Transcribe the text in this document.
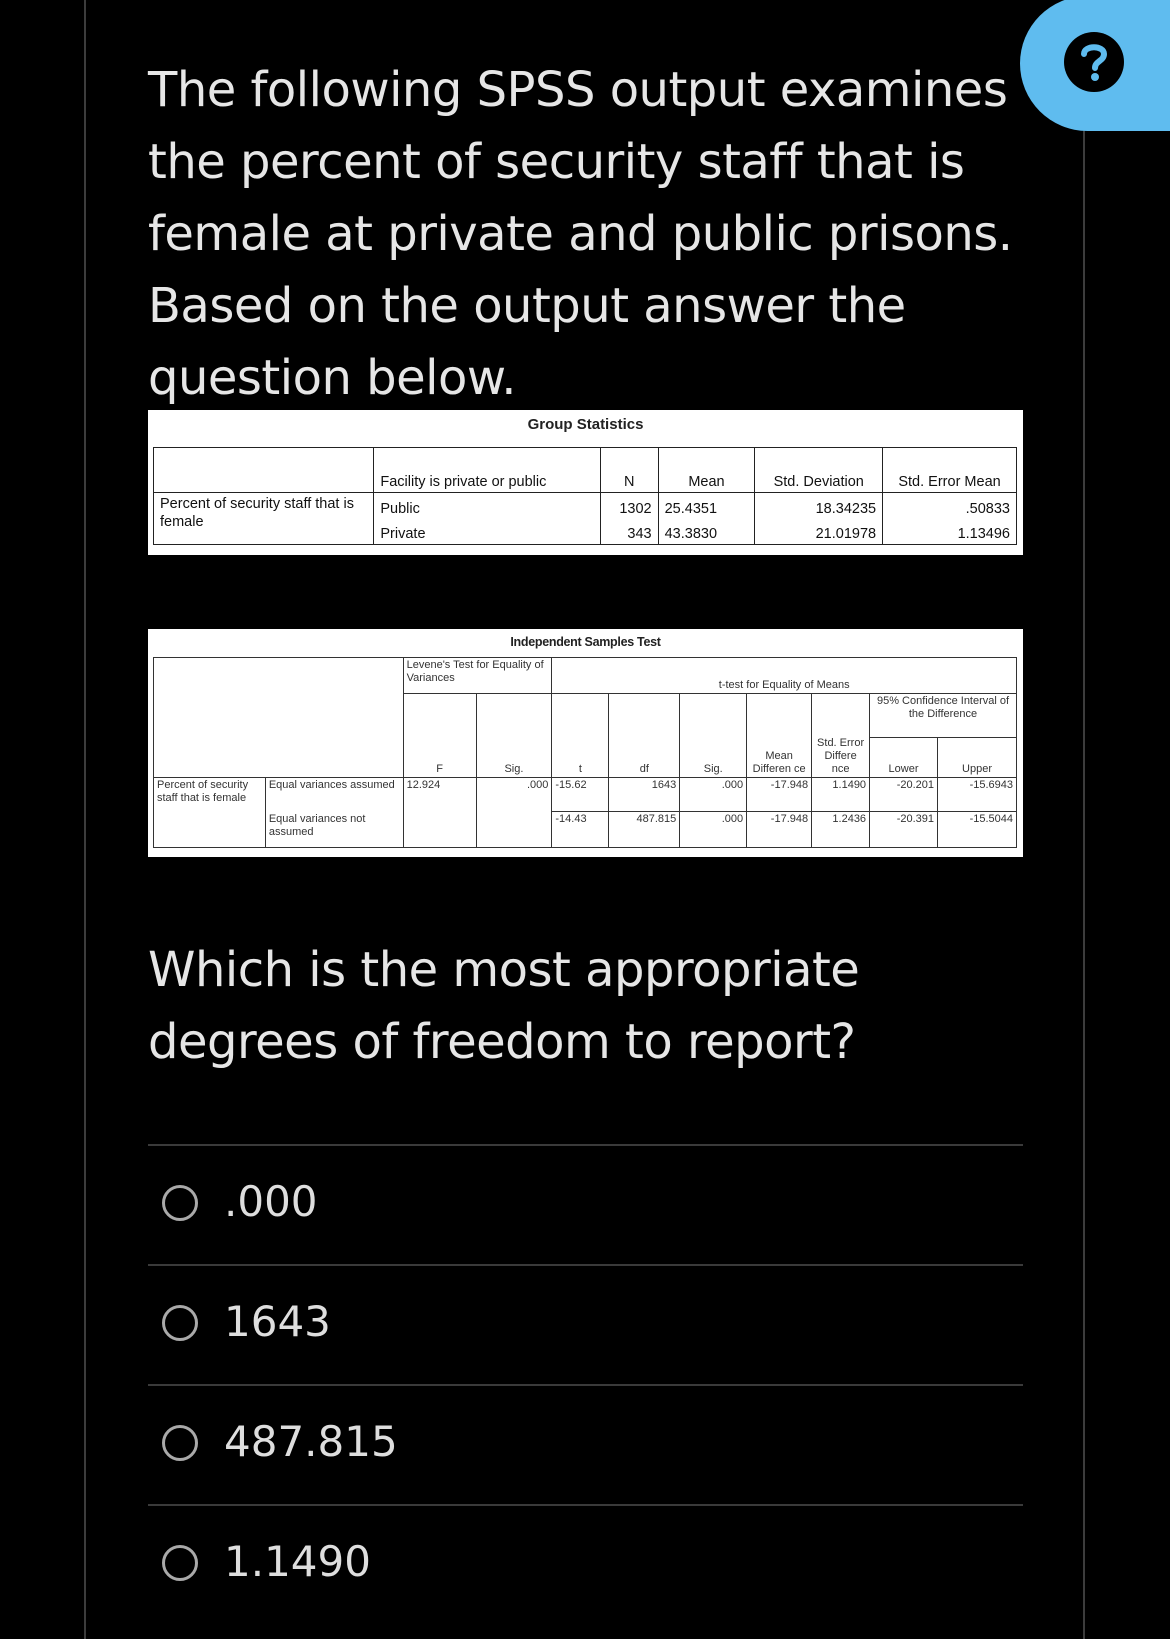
The following SPSS output examines the percent of security staff that is female at private and public prisons. Based on the output answer the question below.
Group Statistics
	Facility is private or public	N	Mean	Std. Deviation	Std. Error Mean
Percent of security staff that is female	Public	1302	25.4351	18.34235	.50833
	Private	343	43.3830	21.01978	1.13496
Independent Samples Test
		Levene's Test for Equality of Variances		t-test for Equality of Means						
		F	Sig.	t	df	Sig.	Mean Differen ce	Std. Error Differe nce	95% Confidence Interval of the Difference	
									Lower	Upper
Percent of security staff that is female	Equal variances assumed	12.924	.000	-15.62	1643	.000	-17.948	1.1490	-20.201	-15.6943
	Equal variances not assumed			-14.43	487.815	.000	-17.948	1.2436	-20.391	-15.5044
Which is the most appropriate degrees of freedom to report?
.000
1643
487.815
1.1490
